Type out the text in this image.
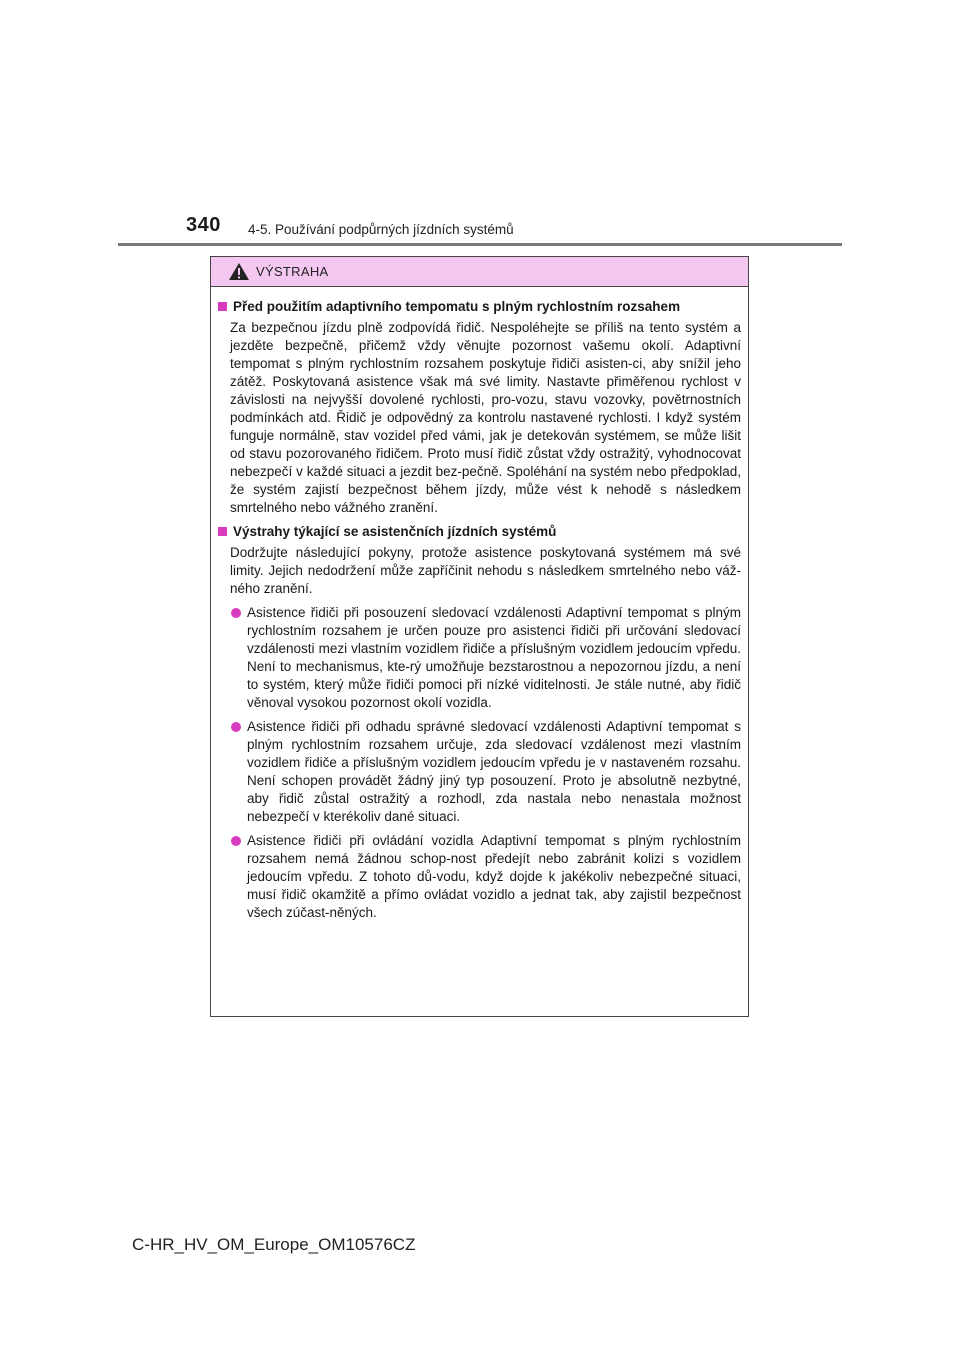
340 4-5. Používání podpůrných jízdních systémů
VÝSTRAHA
Před použitím adaptivního tempomatu s plným rychlostním rozsahem
Za bezpečnou jízdu plně zodpovídá řidič. Nespoléhejte se příliš na tento systém a jezděte bezpečně, přičemž vždy věnujte pozornost vašemu okolí. Adaptivní tempomat s plným rychlostním rozsahem poskytuje řidiči asisten-ci, aby snížil jeho zátěž. Poskytovaná asistence však má své limity. Nastavte přiměřenou rychlost v závislosti na nejvyšší dovolené rychlosti, pro-vozu, stavu vozovky, povětrnostních podmínkách atd. Řidič je odpovědný za kontrolu nastavené rychlosti. I když systém funguje normálně, stav vozidel před vámi, jak je detekován systémem, se může lišit od stavu pozorovaného řidičem. Proto musí řidič zůstat vždy ostražitý, vyhodnocovat nebezpečí v každé situaci a jezdit bez-pečně. Spoléhání na systém nebo předpoklad, že systém zajistí bezpečnost během jízdy, může vést k nehodě s následkem smrtelného nebo vážného zranění.
Výstrahy týkající se asistenčních jízdních systémů
Dodržujte následující pokyny, protože asistence poskytovaná systémem má své limity. Jejich nedodržení může zapříčinit nehodu s následkem smrtelného nebo váž-ného zranění.
Asistence řidiči při posouzení sledovací vzdálenosti Adaptivní tempomat s plným rychlostním rozsahem je určen pouze pro asistenci řidiči při určování sledovací vzdálenosti mezi vlastním vozidlem řidiče a příslušným vozidlem jedoucím vpředu. Není to mechanismus, kte-rý umožňuje bezstarostnou a nepozornou jízdu, a není to systém, který může řidiči pomoci při nízké viditelnosti. Je stále nutné, aby řidič věnoval vysokou pozornost okolí vozidla.
Asistence řidiči při odhadu správné sledovací vzdálenosti Adaptivní tempomat s plným rychlostním rozsahem určuje, zda sledovací vzdálenost mezi vlastním vozidlem řidiče a příslušným vozidlem jedoucím vpředu je v nastaveném rozsahu. Není schopen provádět žádný jiný typ posouzení. Proto je absolutně nezbytné, aby řidič zůstal ostražitý a rozhodl, zda nastala nebo nenastala možnost nebezpečí v kterékoliv dané situaci.
Asistence řidiči při ovládání vozidla Adaptivní tempomat s plným rychlostním rozsahem nemá žádnou schop-nost předejít nebo zabránit kolizi s vozidlem jedoucím vpředu. Z tohoto dů-vodu, když dojde k jakékoliv nebezpečné situaci, musí řidič okamžitě a přímo ovládat vozidlo a jednat tak, aby zajistil bezpečnost všech zúčast-něných.
C-HR_HV_OM_Europe_OM10576CZ
